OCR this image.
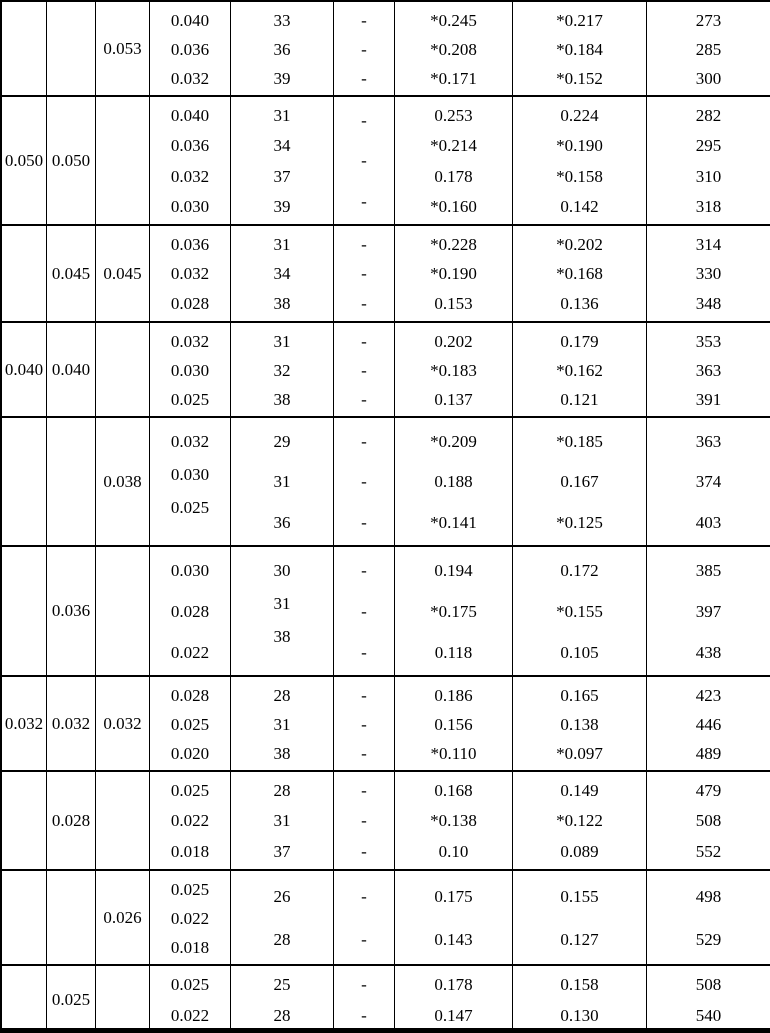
0.053
0.040
0.036
0.032
33
36
39
-
-
-
*0.245
*0.208
*0.171
*0.217
*0.184
*0.152
273
285
300
0.050 0.050
0.040
0.036
0.032
0.030
31
34
37
39
-
-
-
0.253
*0.214
0.178
*0.160
0.224
*0.190
*0.158
0.142
282
295
310
318
0.045 0.045
0.036
0.032
0.028
31
34
38
-
-
-
*0.228
*0.190
0.153
*0.202
*0.168
0.136
314
330
348
0.040 0.040
0.032
0.030
0.025
31
32
38
-
-
-
0.202
*0.183
0.137
0.179
*0.162
0.121
353
363
391
0.038
0.032
0.030
0.025
29
31
36
-
-
-
*0.209
0.188
*0.141
*0.185
0.167
*0.125
363
374
403
0.036
0.030
0.028
0.022
30
31
38
-
-
-
0.194
*0.175
0.118
0.172
*0.155
0.105
385
397
438
0.032 0.032 0.032
0.028
0.025
0.020
28
31
38
-
-
-
0.186
0.156
*0.110
0.165
0.138
*0.097
423
446
489
0.028
0.025
0.022
0.018
28
31
37
-
-
-
0.168
*0.138
0.10
0.149
*0.122
0.089
479
508
552
0.026
0.025
0.022
0.018
26
28
-
-
0.175
0.143
0.155
0.127
498
529
0.025
0.025
0.022
25
28
-
-
0.178
0.147
0.158
0.130
508
540
